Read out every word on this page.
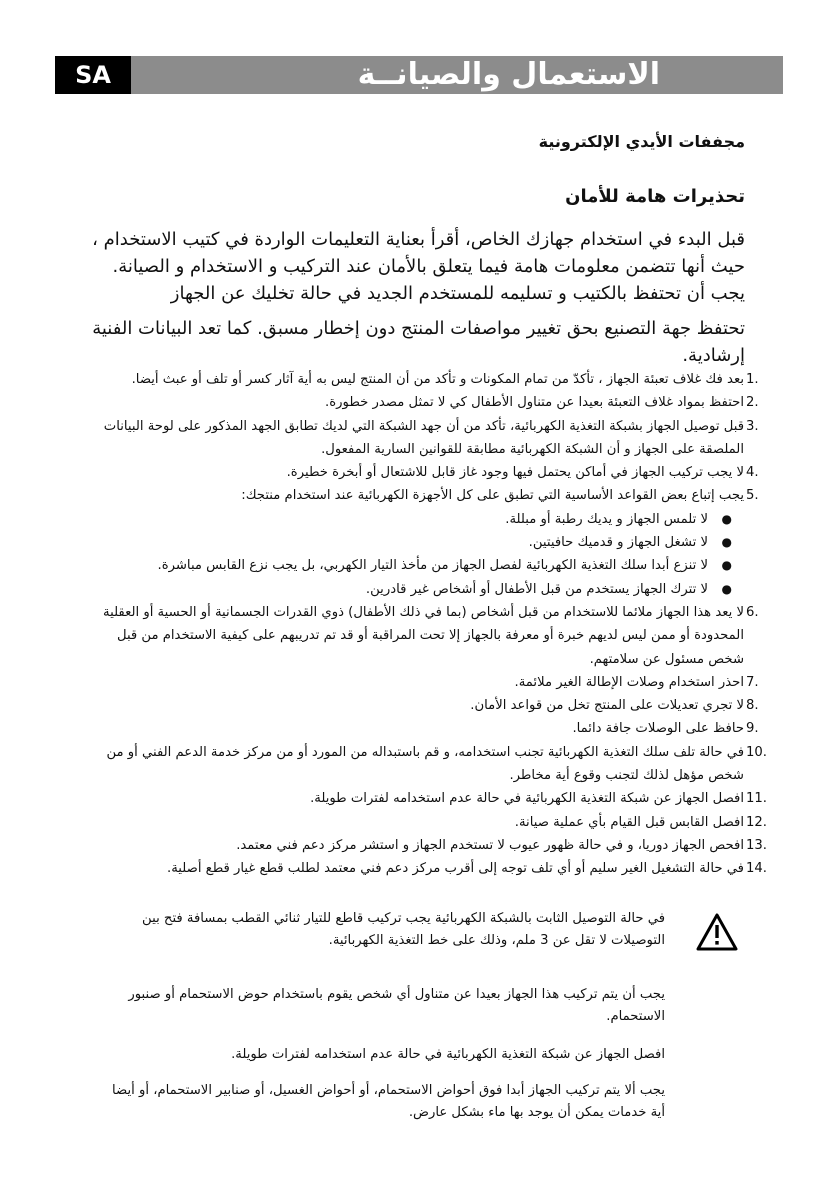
SA	الاستعمال والصيانــة
مجففات الأيدي الإلكترونية
تحذيرات هامة للأمان

قبل البدء في استخدام جهازك الخاص، أقرأ بعناية التعليمات الواردة في كتيب الاستخدام ، حيث أنها تتضمن معلومات هامة فيما يتعلق بالأمان عند التركيب و الاستخدام و الصيانة. يجب أن تحتفظ بالكتيب و تسليمه للمستخدم الجديد في حالة تخليك عن الجهاز

تحتفظ جهة التصنيع بحق تغيير مواصفات المنتج دون إخطار مسبق. كما تعد البيانات الفنية إرشادية.

1.
بعد فك غلاف تعبئة الجهاز ، تأكدّ من تمام المكونات و تأكد من أن المنتج ليس به أية آثار كسر أو تلف أو عبث أيضا.
2.
احتفظ بمواد غلاف التعبئة بعيدا عن متناول الأطفال كي لا تمثل مصدر خطورة.
3.
قبل توصيل الجهاز بشبكة التغذية الكهربائية، تأكد من أن جهد الشبكة التي لديك تطابق الجهد المذكور على لوحة البيانات الملصقة على الجهاز و أن الشبكة الكهربائية مطابقة للقوانين السارية المفعول.
4.
لا يجب تركيب الجهاز في أماكن يحتمل فيها وجود غاز قابل للاشتعال أو أبخرة خطيرة.
5.
يجب إتباع بعض القواعد الأساسية التي تطبق على كل الأجهزة الكهربائية عند استخدام منتجك:
●
لا تلمس الجهاز و يديك رطبة أو مبللة.
●
لا تشغل الجهاز و قدميك حافيتين.
●
لا تنزع أبدا سلك التغذية الكهربائية لفصل الجهاز من مأخذ التيار الكهربي، بل يجب نزع القابس مباشرة.
●
لا تترك الجهاز يستخدم من قبل الأطفال أو أشخاص غير قادرين.
6.
لا يعد هذا الجهاز ملائما للاستخدام من قبل أشخاص (بما في ذلك الأطفال) ذوي القدرات الجسمانية أو الحسية أو العقلية المحدودة أو ممن ليس لديهم خبرة أو معرفة بالجهاز إلا تحت المراقبة أو قد تم تدريبهم على كيفية الاستخدام من قبل شخص مسئول عن سلامتهم.
7.
احذر استخدام وصلات الإطالة الغير ملائمة.
8.
لا تجري تعديلات على المنتج تخل من قواعد الأمان.
9.
حافظ على الوصلات جافة دائما.
10.
في حالة تلف سلك التغذية الكهربائية تجنب استخدامه، و قم باستبداله من المورد أو من مركز خدمة الدعم الفني أو من شخص مؤهل لذلك لتجنب وقوع أية مخاطر.
11.
افصل الجهاز عن شبكة التغذية الكهربائية في حالة عدم استخدامه لفترات طويلة.
12.
افصل القابس قبل القيام بأي عملية صيانة.
13.
افحص الجهاز دوريا، و في حالة ظهور عيوب لا تستخدم الجهاز و استشر مركز دعم فني معتمد.
14.
في حالة التشغيل الغير سليم أو أي تلف توجه إلى أقرب مركز دعم فني معتمد لطلب قطع غيار قطع أصلية.

في حالة التوصيل الثابت بالشبكة الكهربائية يجب تركيب قاطع للتيار ثنائي القطب بمسافة فتح بين التوصيلات لا تقل عن 3 ملم، وذلك على خط التغذية الكهربائية.

يجب أن يتم تركيب هذا الجهاز بعيدا عن متناول أي شخص يقوم باستخدام حوض الاستحمام أو صنبور الاستحمام.

افصل الجهاز عن شبكة التغذية الكهربائية في حالة عدم استخدامه لفترات طويلة.

يجب ألا يتم تركيب الجهاز أبدا فوق أحواض الاستحمام، أو أحواض الغسيل، أو صنابير الاستحمام، أو أيضا أية خدمات يمكن أن يوجد بها ماء بشكل عارض.
